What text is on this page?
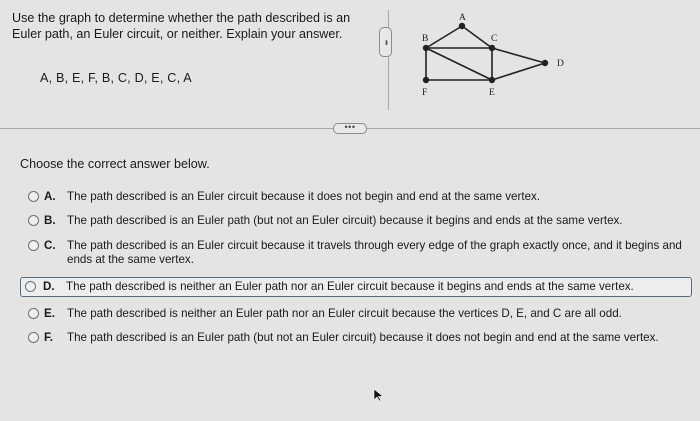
Use the graph to determine whether the path described is an Euler path, an Euler circuit, or neither. Explain your answer.
A, B, E, F, B, C, D, E, C, A
•••
A
B	C
D
E
F
•••
Choose the correct answer below.
A. The path described is an Euler circuit because it does not begin and end at the same vertex.
B. The path described is an Euler path (but not an Euler circuit) because it begins and ends at the same vertex.
C. The path described is an Euler circuit because it travels through every edge of the graph exactly once, and it begins and ends at the same vertex.
D. The path described is neither an Euler path nor an Euler circuit because it begins and ends at the same vertex.
E. The path described is neither an Euler path nor an Euler circuit because the vertices D, E, and C are all odd.
F. The path described is an Euler path (but not an Euler circuit) because it does not begin and end at the same vertex.
